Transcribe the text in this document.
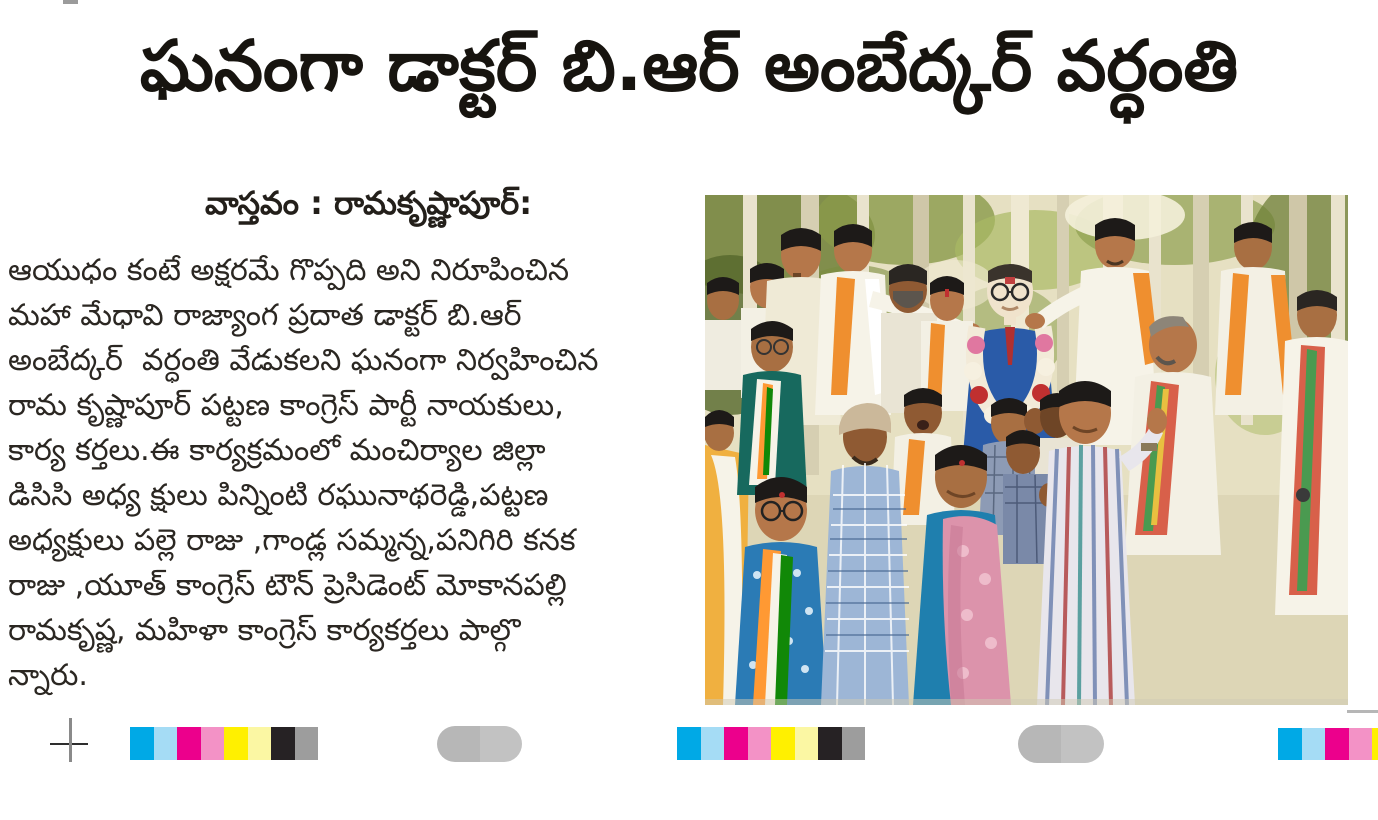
ఘనంగా డాక్టర్ బి.ఆర్ అంబేద్కర్ వర్ధంతి
వాస్తవం : రామకృష్ణాపూర్:
ఆయుధం కంటే అక్షరమే గొప్పది అని నిరూపించిన
మహా మేధావి రాజ్యాంగ ప్రదాత డాక్టర్ బి.ఆర్
అంబేద్కర్  వర్ధంతి వేడుకలని ఘనంగా నిర్వహించిన
రామ కృష్ణాపూర్ పట్టణ కాంగ్రెస్ పార్టీ నాయకులు,
కార్య కర్తలు.ఈ కార్యక్రమంలో మంచిర్యాల జిల్లా
డిసిసి అధ్య క్షులు పిన్నింటి రఘునాథరెడ్డి,పట్టణ
అధ్యక్షులు పల్లె రాజు ,గాండ్ల సమ్మన్న,పనిగిరి కనక
రాజు ,యూత్ కాంగ్రెస్ టౌన్ ప్రెసిడెంట్ మోకానపల్లి
రామకృష్ణ, మహిళా కాంగ్రెస్ కార్యకర్తలు పాల్గొ
న్నారు.
